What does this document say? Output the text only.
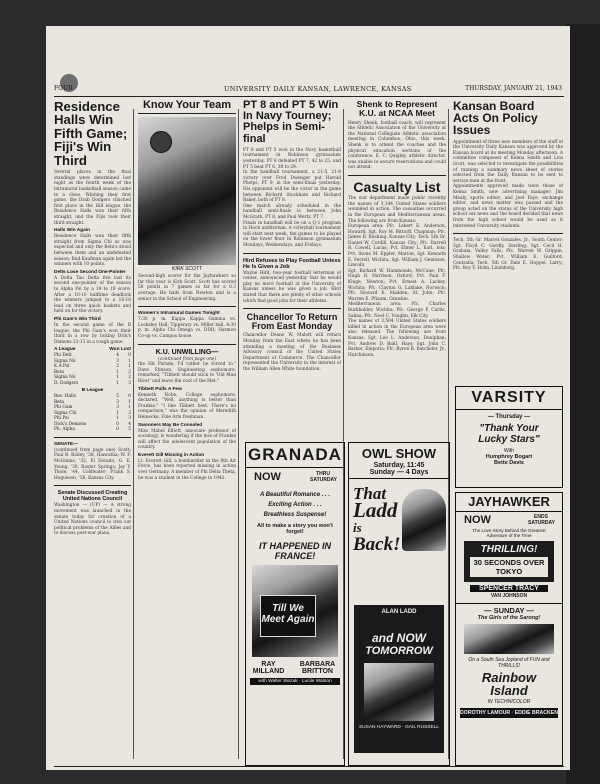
FOUR	UNIVERSITY DAILY KANSAN, LAWRENCE, KANSAS	THURSDAY, JANUARY 21, 1943
Residence Halls Win Fifth Game; Fiji's Win Third

Several places in the final standings were determined last night as the fourth week of the intramural basketball season came to a close. Winning their first game, the Drab Dodgers clinched first place in the Hill league, the Residence Halls won their fifth straight, and the Fijis took their third straight.

Halls Win Again

Residence Halls won their fifth straight from Sigma Chi as was expected and only the Beta's stood between them and an undefeated season. Bud Kaufman again led the winners with 10 points.

Delts Lose Second One-Pointer

A Delta Tau Delta five lost its second one-pointer of the season to Alpha Psi by a 19 to 18 score. After a 10-10 halftime deadlock the winners jumped to a 16-10 lead on three quick baskets and held on for the victory.

Phi Gam's Win Third

In the second game of the B league, the Phi Gam's won their third in a row by licking Dick's Demons 21-13 in a rough game.

A League	Won Lost
Phi Delt	4	0
Sigma Nu	3	1
K A Psi	2	1
Beta	1	2
Sigma Nu	1	2
D. Dodgers	1	3
B League
Res. Halls	5	0
Beta	3	1
Phi Gam	3	1
Sigma Chi	1	3
Phi Psi	1	3
Dick's Demons	0	4
Ph. Alpha	0	5
SENATE—

(continued from page one) Scott; Paul B. Bailey, '38, Hiawatha; W. F. McGinnis, '32, El Dorado; G. E. Young, '38, Baxter Springs; Jay Y. Thole, '44, Coldwater; Frank S. Hogueson, '38, Kansas City.

Senate Discussed Creating United Nations Council

Washington — (UP) — A strong movement was launched in the senate today for creation of a United Nations council to iron out political problems of the Allies and to discuss post-war plans.

Know Your Team
KIRK SCOTT

Second-high scorer for the Jayhawkers so far this year is Kirk Scott. Scott has scored 58 points in 7 games so far for a 8.3 average. He hails from Newton and is a senior in the School of Engineering.

Women's Intramural Games Tonight

7:30 p. m. Kappa Kappa Gamma vs. Locksley Hall; Tipperary vs. Miller hall. 8:30 p. m. Alpha Chi Omega vs. DDD; Harmon Co-op vs. Campus house.

K.U. UNWILLING—
(continued from page one)

the Hit Parade, I'd rather be forced to." Dave Stinson, Engineering sophomore, remarked, "Tibbett should stick to 'Old Man River' and leave the cool of the Met."

Tibbett Pulls A Few

Kenneth Nobe, College sophomore, declared, "Well, anything is better than Frankie." "I like Tibbett best. There's no comparison," was the opinion of Meredith Heinecke, Fine Arts freshman.

Swooners May Be Consoled

Miss Mabel Elliott, associate professor of sociology, is wondering if the loss of Frankie will affect the adolescent population of the country.

Everett Gill Missing in Action

Lt. Everett Gill, a bombardier in the 8th Air Force, has been reported missing in action over Germany. A member of Phi Delta Theta, he was a student in the College in 1942.

PT 8 and PT 5 Win In Navy Tourney; Phelps in Semi-final

PT 8 and PT 5 won in the Navy basketball tournament in Robinson gymnasium yesterday. PT 8 defeated PT 7, 42 to 25, and PT 5 beat PT 6, 38 to 29.

In the handball tournament, a 21-5, 21-8 victory over Fred Dwenger put Harold Phelps, PT 9, in the semi-finals yesterday. His opponent will be the victor in the game between Richard Stockham and Richard Baker, both of PT 8.

One match already scheduled in the handball semi-finals is between John McGrath, PT 8, and Paul Wertz, PT 7.

Finals in handball will be on a Q-1 program in Hoch auditorium. A volleyball tournament will start next week, the games to be played on the lower floor in Robinson gymnasium Mondays, Wednesdays, and Fridays.

Hird Refuses to Play Football Unless He Is Given a Job

Wayne Hird, two-year football letterman of center, announced yesterday that he would play no more football at the University of Kansas unless he was given a job. Hird stated that there are plenty of other schools which find good jobs for their athletes.

Chancellor To Return From East Monday

Chancellor Deane W. Malott will return Monday from the East where he has been attending a meeting of the Business Advisory council of the United States Department of Commerce. The Chancellor represented the University in the interest of the William Allen White foundation.

Shenk to Represent K.U. at NCAA Meet

Henry Shenk, football coach, will represent the Athletic Association of the University at the National Collegiate Athletic association meeting in Columbus, Ohio, this week. Shenk is to attend the coaches and the physical education sections of the conference. E. C. Quigley, athletic director, was unable to secure reservations and could not attend.

Casualty List

The war department made public recently the names of 3,344 United States soldiers wounded in action. The casualties occurred in the European and Mediterranean areas. The following are from Kansas:

European area: Pfc. Lebert E. Anderson, Howard; Sgt. Roy M. Bittorff, Chapman; Pfc. James B. Bushing, Kansas City; Tech. 5th Gr. Daniel W. Cordill, Kansas City; Pfc. Darrell R. Cowell, Lucas; Pvt. Elmer L. Earl, Iola; Pvt. Stone M. Eppler, Marion; Sgt. Kenneth E. Ferrell, Wichita; Sgt. William J. Gentzsen, Lincoln.

Sgt. Richard W. Hammonds, McCune; Pfc. Hugh B. Harrison, Oxford; Pvt. Paul F. Kluge, Newton; Pvt. Ernest A. Lackey, Wichita; Pfc. Clayton G. Lahlake, Norwich; Pfc. Howard E. Madden, St. John; Pfc. Warren E. Pflaum, Ozawkie.

Mediterranean area: Pfc. Charles Burkholder, Wichita; Pfc. George P. Curtis, Salina; Pfc. Noel C. Vaughn, Elk City.

The names of 3,504 United States soldiers killed in action in the European area were also released. The following are from Kansas: Sgt. Leo L. Anderson, Doniphan; Pvt. Andrew D. Bahl, Hays; Sgt. John C. Barker, Emporia; Pfc. Byron B. Batchelor, Jr., Hutchinson.

Kansan Board Acts On Policy Issues

Appointment of three new members of the staff of the University Daily Kansan was approved by the Kansan board at its meeting Monday afternoon. A committee composed of Kelma Smith and Lois Scott, was selected to investigate the possibilities of running a summary news sheet of stories selected from the Daily Kansan to be sent to service men at the front.

Appointments approved made were those of Kelma Smith, new advertising manager; Jim Mealy, sports editor; and Joel Faye, exchange editor, and news matter was passed and the group acted on the status of the University high school sex news and the board decided that news from the high school would be used as it interested University students.

Tech. 5th Gr. Marcel Gonzales, Jr., South Center; Sgt. Floyd C. Gordly, Sterling; Sgt. Cecil H. Graham, Valley Falls; Pfc. Warren W. Grippin, Shallow Water; Pvt. William E. Guilford, Centralia; Tech. 5th Gr. Dale E. Hoppel, Larry; Pfc. Roy V. Holm, Lindsborg.

VARSITY

— Thursday —

"Thank Your

Lucky Stars"

With

Humphrey Bogart

Bette Davis

JAYHAWKER

NOW	ENDS SATURDAY

The Love Story Behind the Greatest Adventure of the Time

THRILLING!

30 SECONDS OVER TOKYO

SPENCER TRACY

VAN JOHNSON

— SUNDAY —

The Girls of the Sarong!

On a South Sea Joyland of FUN and THRILLS!

Rainbow

Island

IN TECHNICOLOR

DOROTHY LAMOUR · EDDIE BRACKEN

GRANADA

NOW	THRU SATURDAY

A Beautiful Romance . . .

Exciting Action . . .

Breathless Suspense!

All to make a story you won't forget!

IT HAPPENED IN FRANCE!

Till We

Meet Again

RAY MILLAND
BARBARA BRITTON

with Walter Slezak · Lucile Watson

OWL SHOW

Saturday, 11:45

Sunday — 4 Days

That

Ladd

is

Back!

ALAN LADD

and NOW

TOMORROW

SUSAN HAYWARD · GAIL RUSSELL
